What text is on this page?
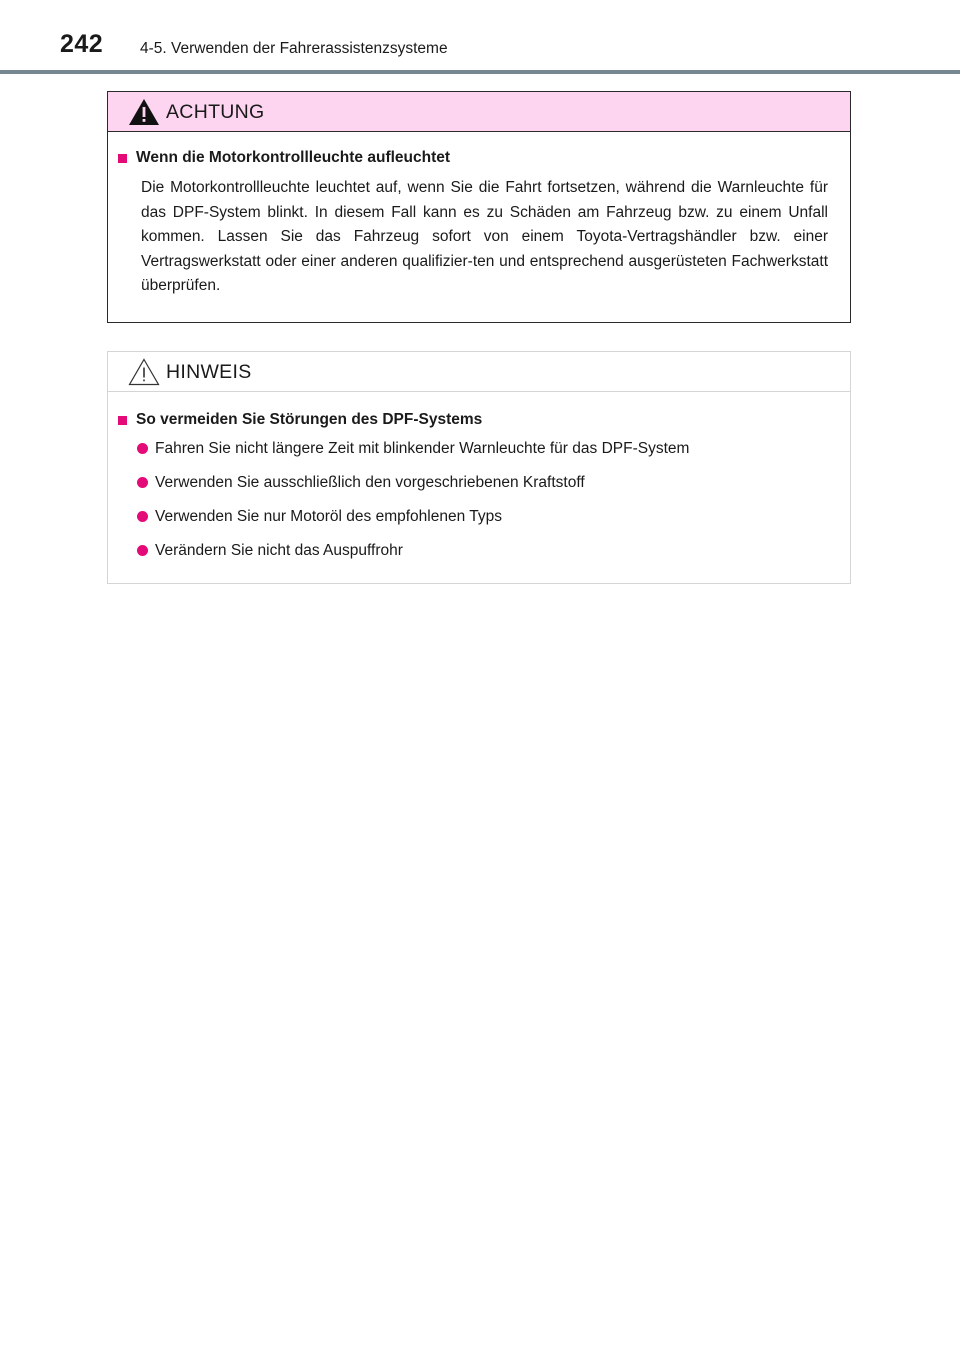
242 4-5. Verwenden der Fahrerassistenzsysteme
ACHTUNG
Wenn die Motorkontrollleuchte aufleuchtet
Die Motorkontrollleuchte leuchtet auf, wenn Sie die Fahrt fortsetzen, während die Warnleuchte für das DPF-System blinkt. In diesem Fall kann es zu Schäden am Fahrzeug bzw. zu einem Unfall kommen. Lassen Sie das Fahrzeug sofort von einem Toyota-Vertragshändler bzw. einer Vertragswerkstatt oder einer anderen qualifizier-ten und entsprechend ausgerüsteten Fachwerkstatt überprüfen.
HINWEIS
So vermeiden Sie Störungen des DPF-Systems
Fahren Sie nicht längere Zeit mit blinkender Warnleuchte für das DPF-System
Verwenden Sie ausschließlich den vorgeschriebenen Kraftstoff
Verwenden Sie nur Motoröl des empfohlenen Typs
Verändern Sie nicht das Auspuffrohr
